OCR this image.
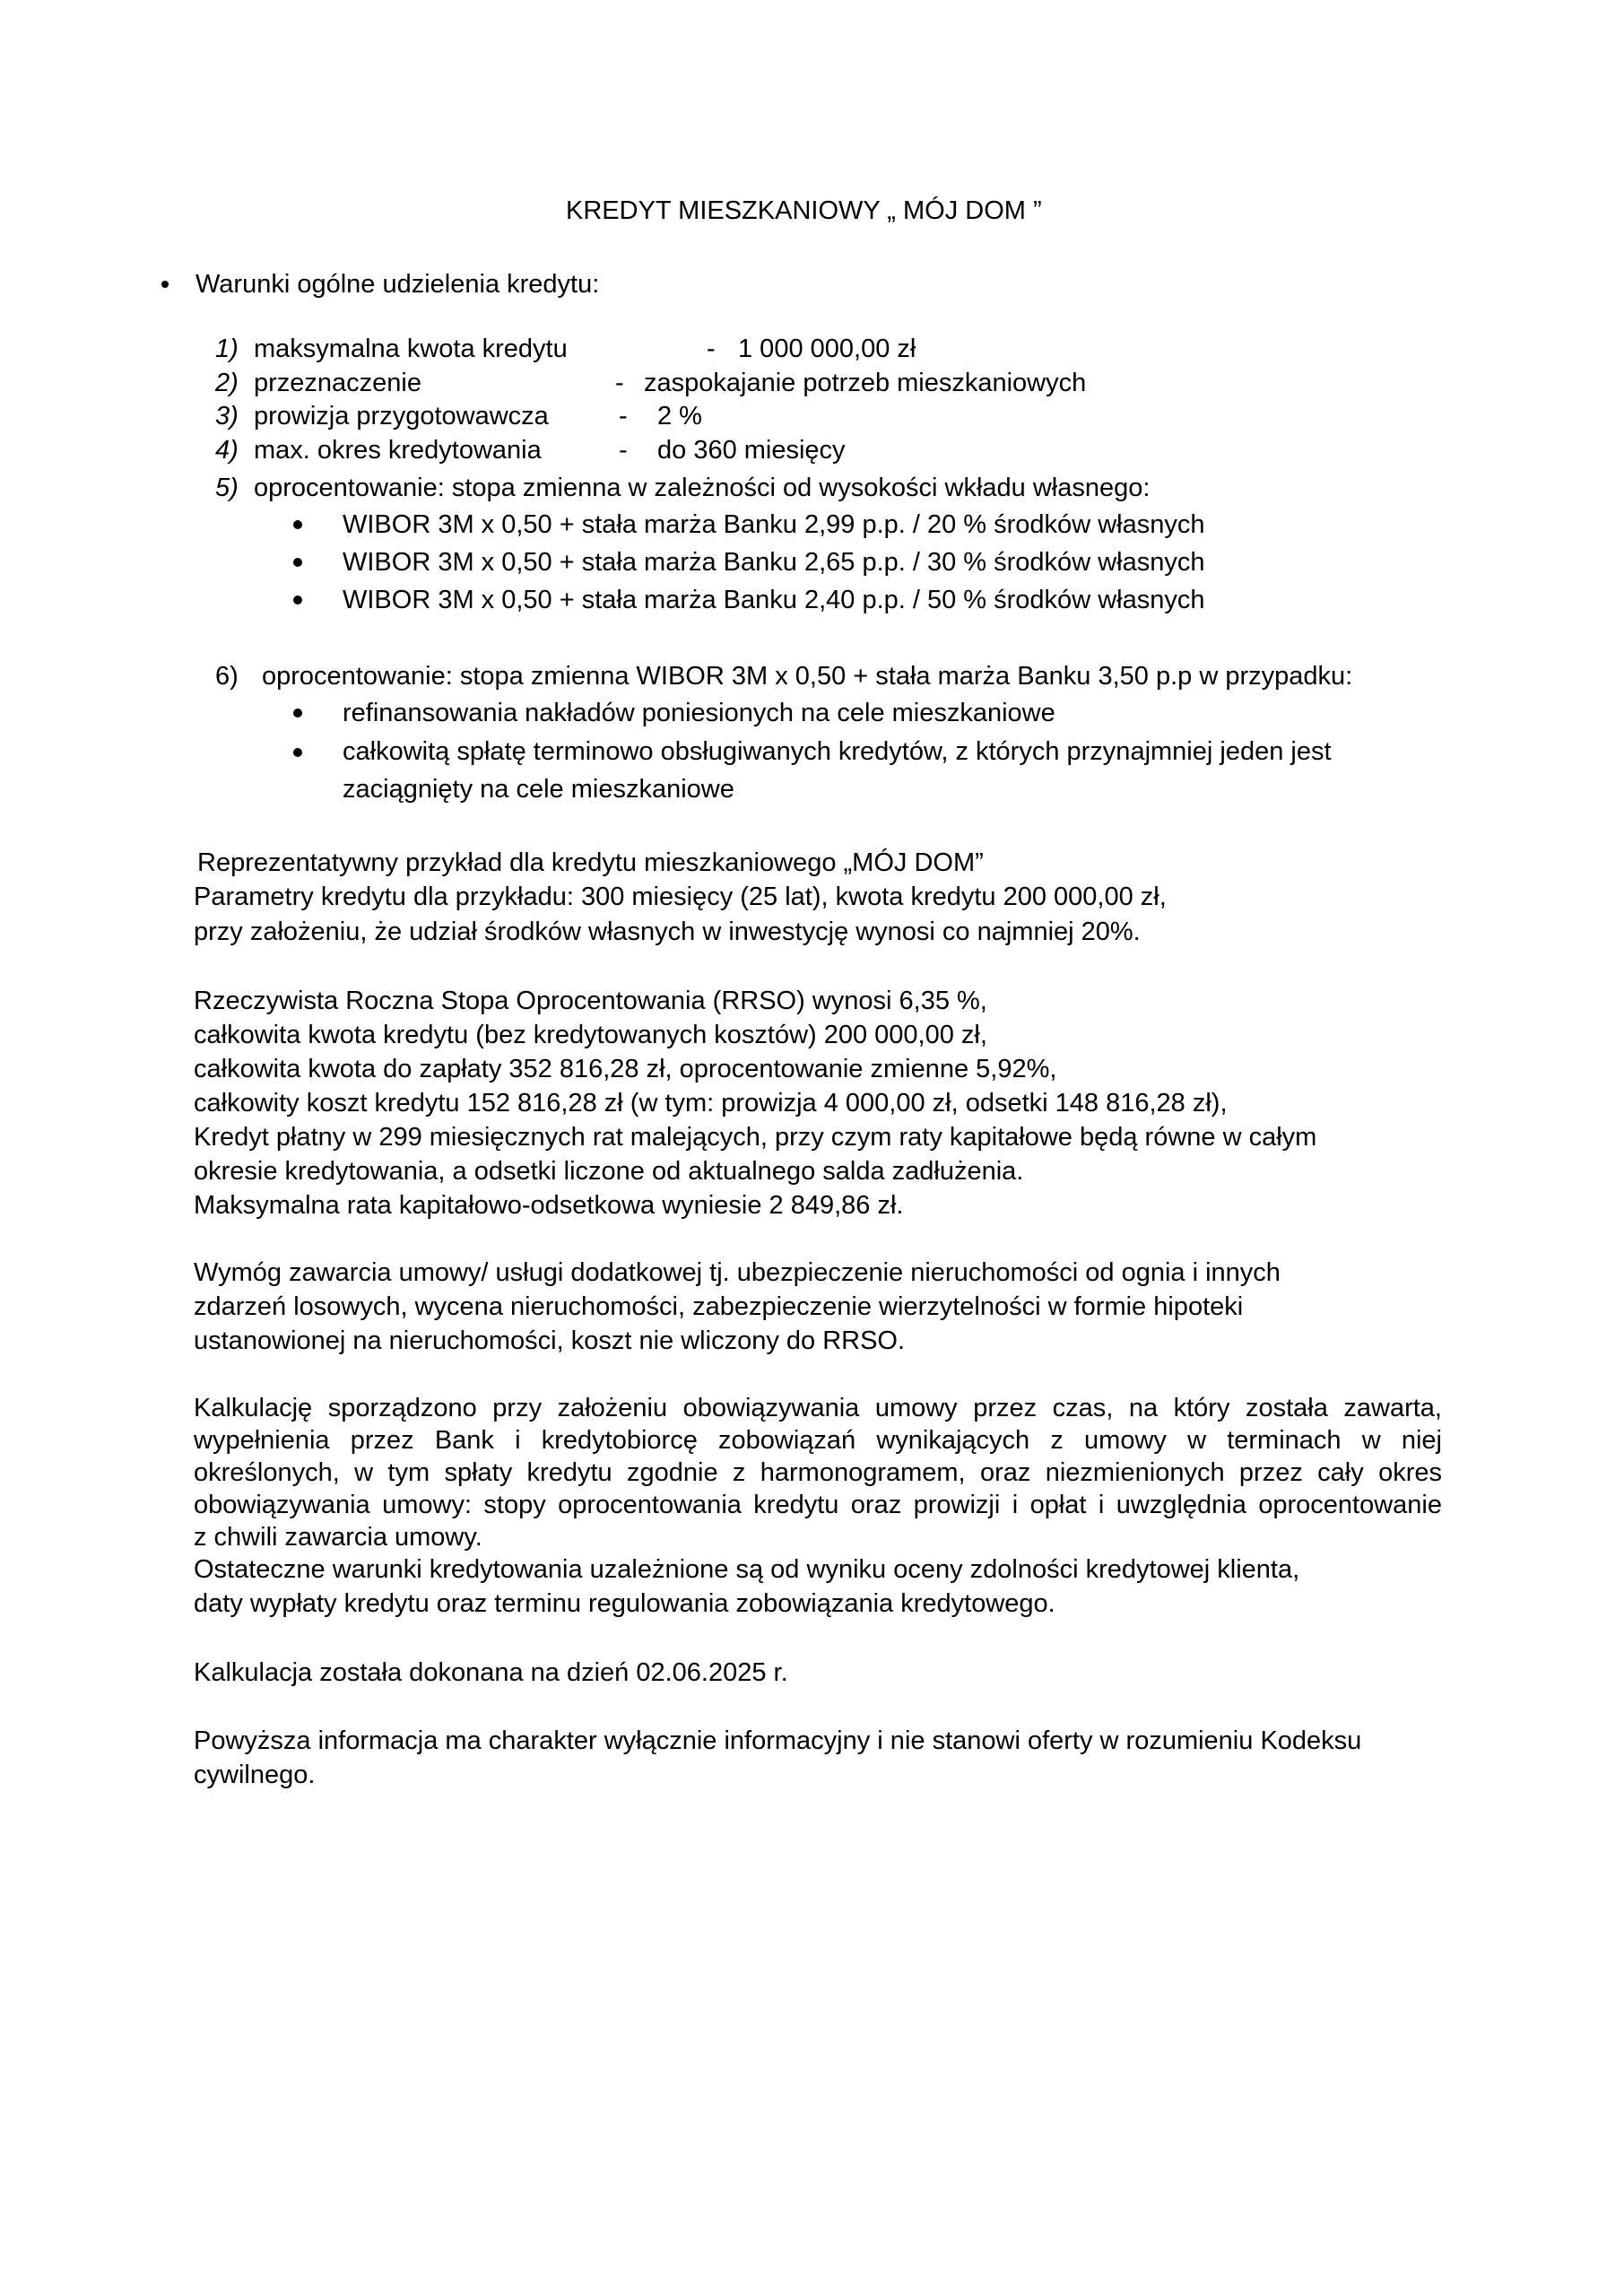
KREDYT MIESZKANIOWY „ MÓJ DOM ”
Warunki ogólne udzielenia kredytu:
1) maksymalna kwota kredytu	- 1 000 000,00 zł
2) przeznaczenie	- zaspokajanie potrzeb mieszkaniowych
3) prowizja przygotowawcza	- 2 %
4) max. okres kredytowania	- do 360 miesięcy
5) oprocentowanie: stopa zmienna w zależności od wysokości wkładu własnego:
WIBOR 3M x 0,50 + stała marża Banku 2,99 p.p. / 20 % środków własnych
WIBOR 3M x 0,50 + stała marża Banku 2,65 p.p. / 30 % środków własnych
WIBOR 3M x 0,50 + stała marża Banku 2,40 p.p. / 50 % środków własnych
6) oprocentowanie: stopa zmienna WIBOR 3M x 0,50 + stała marża Banku 3,50 p.p w przypadku:
refinansowania nakładów poniesionych na cele mieszkaniowe
całkowitą spłatę terminowo obsługiwanych kredytów, z których przynajmniej jeden jest
zaciągnięty na cele mieszkaniowe
Reprezentatywny przykład dla kredytu mieszkaniowego „MÓJ DOM”
Parametry kredytu dla przykładu: 300 miesięcy (25 lat), kwota kredytu 200 000,00 zł,
przy założeniu, że udział środków własnych w inwestycję wynosi co najmniej 20%.
Rzeczywista Roczna Stopa Oprocentowania (RRSO) wynosi 6,35 %,
całkowita kwota kredytu (bez kredytowanych kosztów) 200 000,00 zł,
całkowita kwota do zapłaty 352 816,28 zł, oprocentowanie zmienne 5,92%,
całkowity koszt kredytu 152 816,28 zł (w tym: prowizja 4 000,00 zł, odsetki 148 816,28 zł),
Kredyt płatny w 299 miesięcznych rat malejących, przy czym raty kapitałowe będą równe w całym
okresie kredytowania, a odsetki liczone od aktualnego salda zadłużenia.
Maksymalna rata kapitałowo-odsetkowa wyniesie 2 849,86 zł.
Wymóg zawarcia umowy/ usługi dodatkowej tj. ubezpieczenie nieruchomości od ognia i innych
zdarzeń losowych, wycena nieruchomości, zabezpieczenie wierzytelności w formie hipoteki
ustanowionej na nieruchomości, koszt nie wliczony do RRSO.
Kalkulację sporządzono przy założeniu obowiązywania umowy przez czas, na który została zawarta,
wypełnienia przez Bank i kredytobiorcę zobowiązań wynikających z umowy w terminach w niej
określonych, w tym spłaty kredytu zgodnie z harmonogramem, oraz niezmienionych przez cały okres
obowiązywania umowy: stopy oprocentowania kredytu oraz prowizji i opłat i uwzględnia oprocentowanie
z chwili zawarcia umowy.
Ostateczne warunki kredytowania uzależnione są od wyniku oceny zdolności kredytowej klienta,
daty wypłaty kredytu oraz terminu regulowania zobowiązania kredytowego.
Kalkulacja została dokonana na dzień 02.06.2025 r.
Powyższa informacja ma charakter wyłącznie informacyjny i nie stanowi oferty w rozumieniu Kodeksu
cywilnego.
